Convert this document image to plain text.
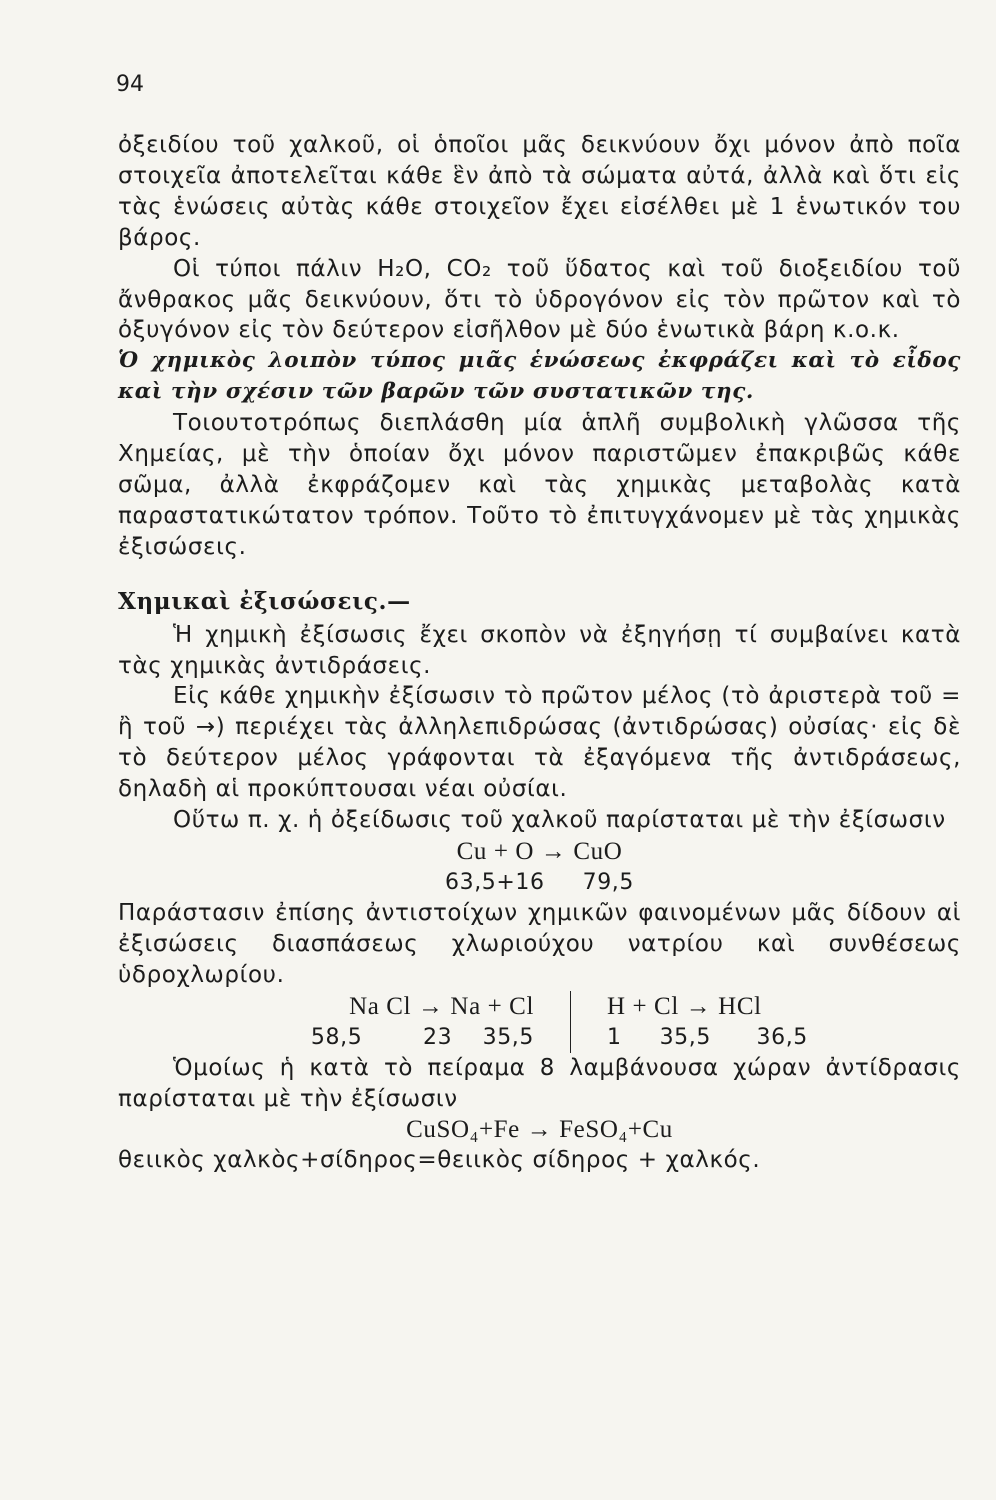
94

ὀξειδίου τοῦ χαλκοῦ, οἱ ὁποῖοι μᾶς δεικνύουν ὄχι μόνον ἀπὸ ποῖα στοιχεῖα ἀποτελεῖται κάθε ἓν ἀπὸ τὰ σώματα αὐτά, ἀλλὰ καὶ ὅτι εἰς τὰς ἑνώσεις αὐτὰς κάθε στοιχεῖον ἔχει εἰσέλθει μὲ 1 ἑνωτικόν του βάρος.

Οἱ τύποι πάλιν H₂O, CO₂ τοῦ ὕδατος καὶ τοῦ διοξειδίου τοῦ ἄνθρακος μᾶς δεικνύουν, ὅτι τὸ ὑδρογόνον εἰς τὸν πρῶτον καὶ τὸ ὀξυγόνον εἰς τὸν δεύτερον εἰσῆλθον μὲ δύο ἑνωτικὰ βάρη κ.ο.κ.

Ὁ χημικὸς λοιπὸν τύπος μιᾶς ἑνώσεως ἐκφράζει καὶ τὸ εἶδος καὶ τὴν σχέσιν τῶν βαρῶν τῶν συστατικῶν της.

Τοιουτοτρόπως διεπλάσθη μία ἁπλῆ συμβολικὴ γλῶσσα τῆς Χημείας, μὲ τὴν ὁποίαν ὄχι μόνον παριστῶμεν ἐπακριβῶς κάθε σῶμα, ἀλλὰ ἐκφράζομεν καὶ τὰς χημικὰς μεταβολὰς κατὰ παραστατικώτατον τρόπον. Τοῦτο τὸ ἐπιτυγχάνομεν μὲ τὰς χημικὰς ἐξισώσεις.

Χημικαὶ ἐξισώσεις.—

Ἡ χημικὴ ἐξίσωσις ἔχει σκοπὸν νὰ ἐξηγήσῃ τί συμβαίνει κατὰ τὰς χημικὰς ἀντιδράσεις.

Εἰς κάθε χημικὴν ἐξίσωσιν τὸ πρῶτον μέλος (τὸ ἀριστερὰ τοῦ = ἢ τοῦ →) περιέχει τὰς ἀλληλεπιδρώσας (ἀντιδρώσας) οὐσίας· εἰς δὲ τὸ δεύτερον μέλος γράφονται τὰ ἐξαγόμενα τῆς ἀντιδράσεως, δηλαδὴ αἱ προκύπτουσαι νέαι οὐσίαι.

Οὕτω π. χ. ἡ ὀξείδωσις τοῦ χαλκοῦ παρίσταται μὲ τὴν ἐξίσωσιν

Cu + O → CuO
63,5+16     79,5

Παράστασιν ἐπίσης ἀντιστοίχων χημικῶν φαινομένων μᾶς δίδουν αἱ ἐξισώσεις διασπάσεως χλωριούχου νατρίου καὶ συνθέσεως ὑδροχλωρίου.

Na Cl → Na + Cl
58,5        23    35,5
H + Cl → HCl
1     35,5      36,5

Ὁμοίως ἡ κατὰ τὸ πείραμα 8 λαμβάνουσα χώραν ἀντίδρασις παρίσταται μὲ τὴν ἐξίσωσιν

CuSO₄+Fe → FeSO₄+Cu

θειικὸς χαλκὸς+σίδηρος=θειικὸς σίδηρος + χαλκός.
